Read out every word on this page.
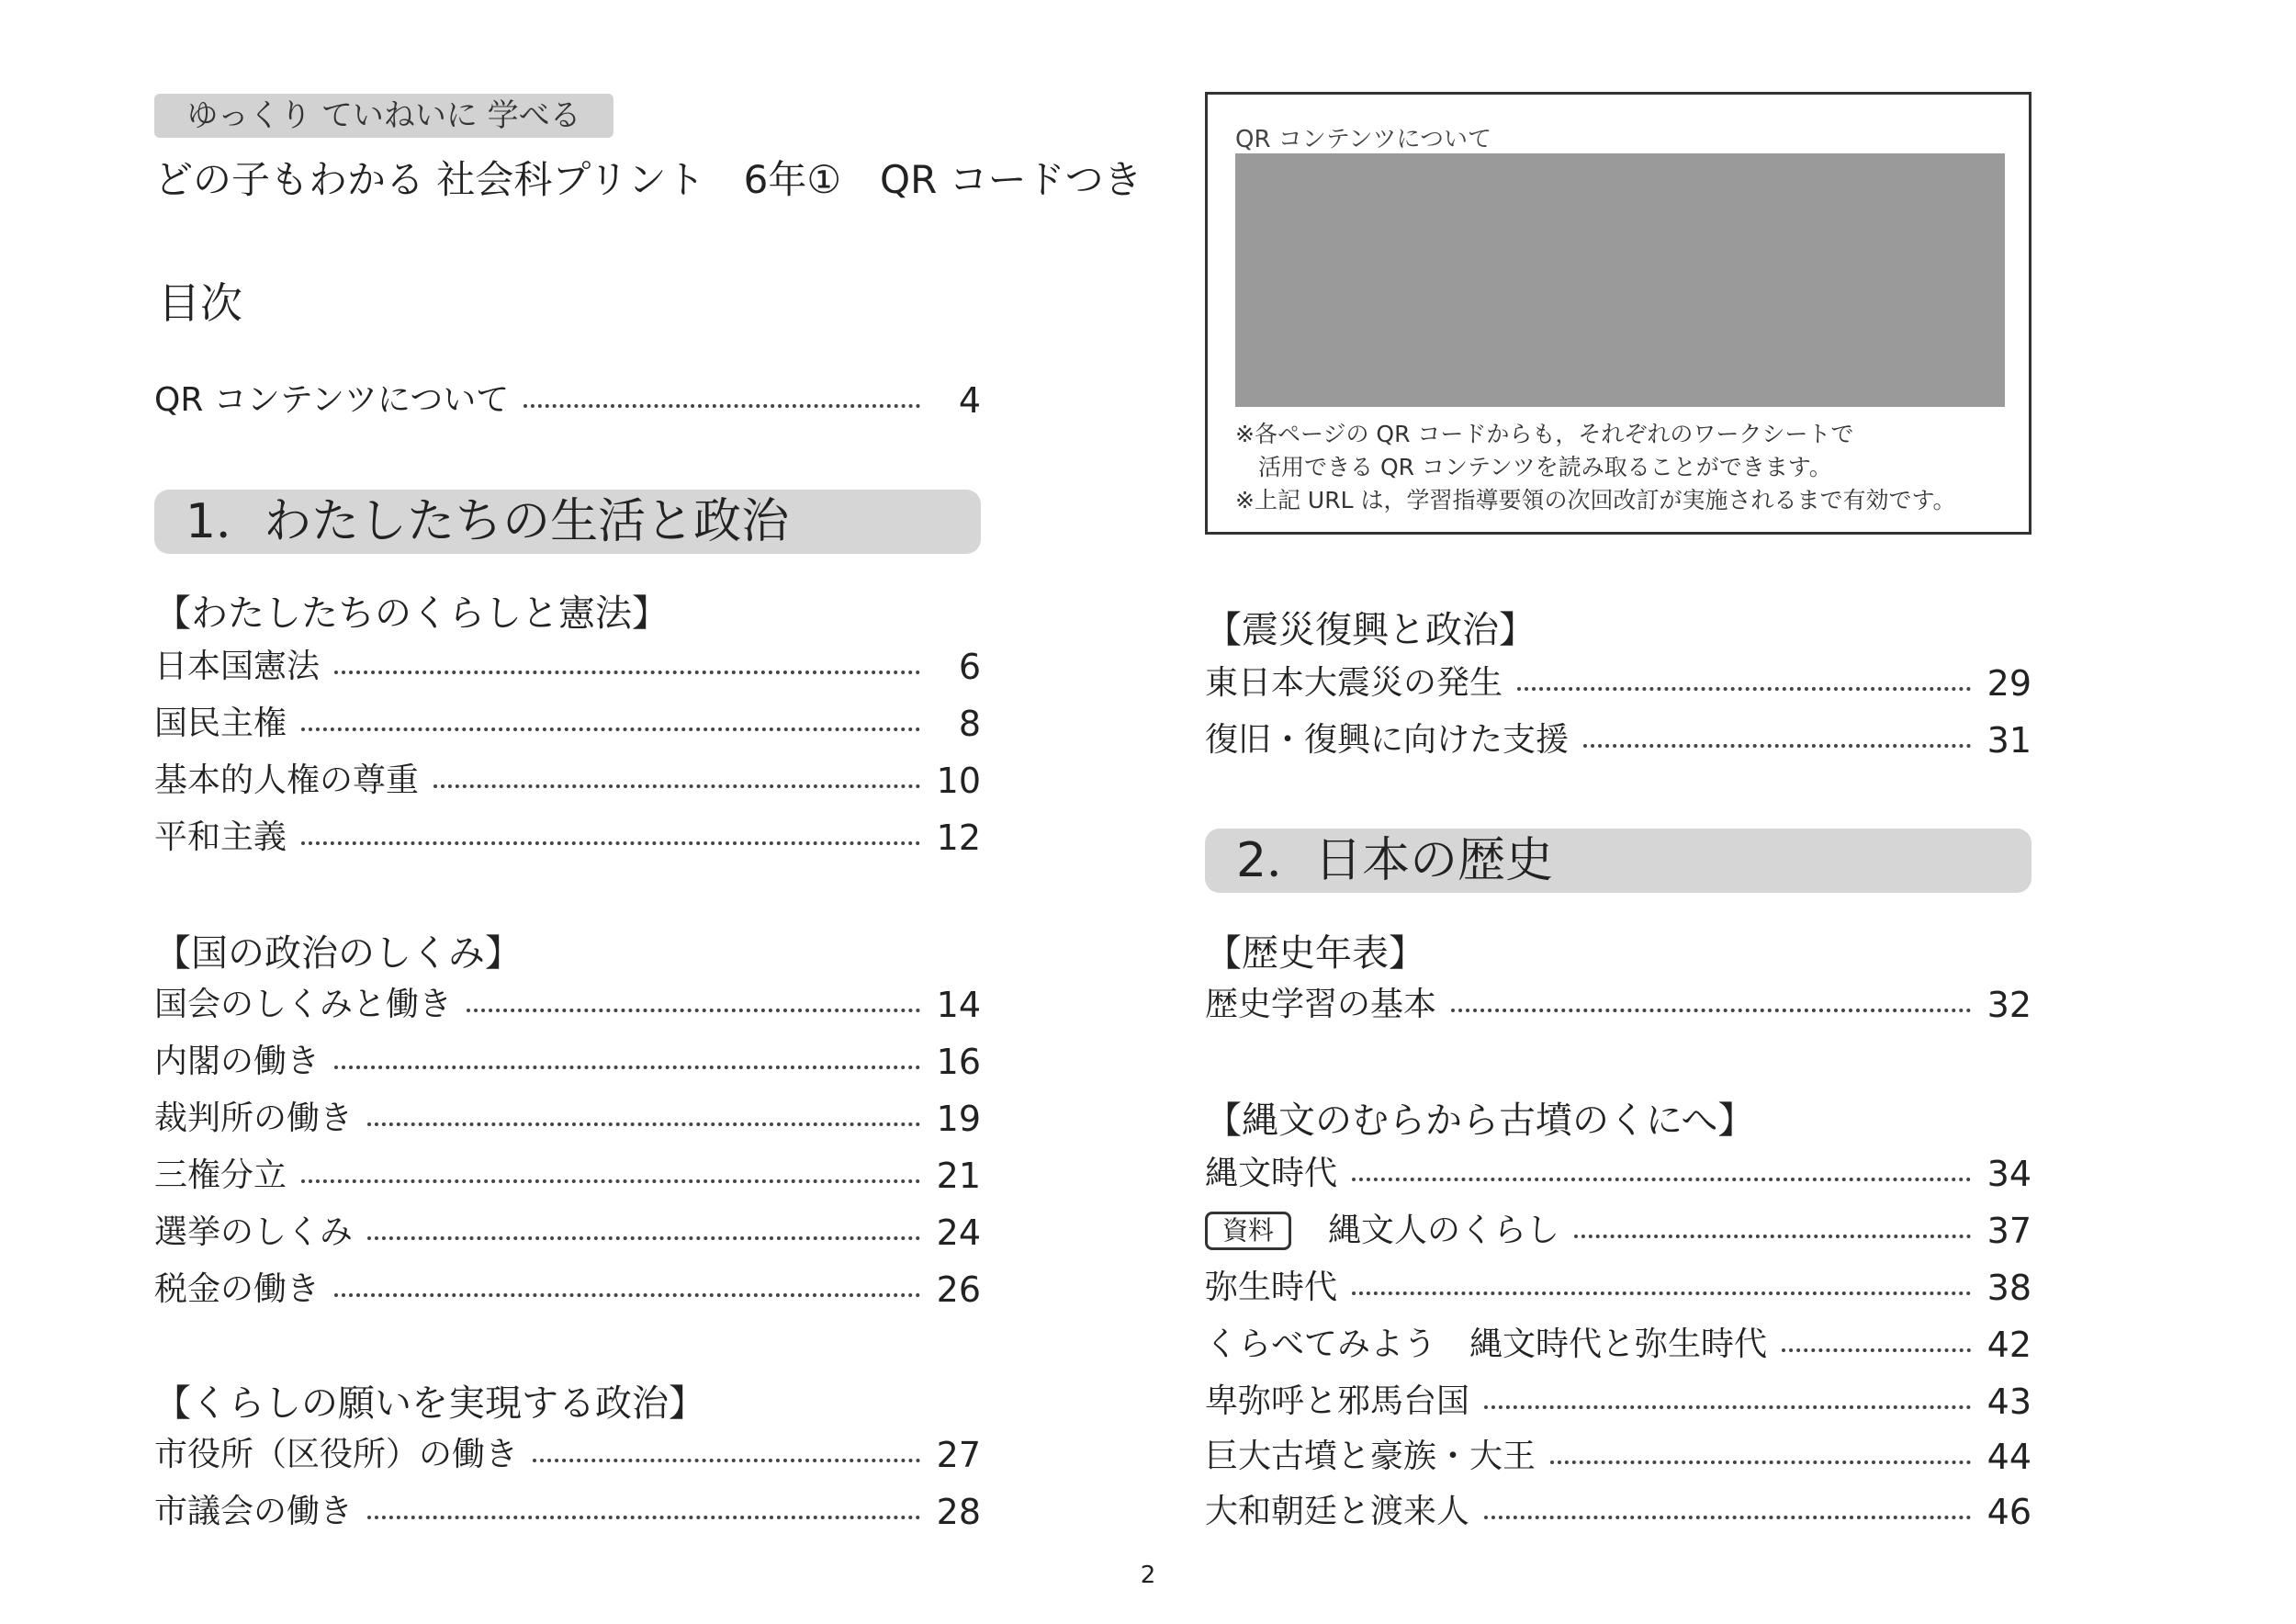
ゆっくり ていねいに 学べる
どの子もわかる 社会科プリント　6年①　QR コードつき
目次
QR コンテンツについて	4
1．わたしたちの生活と政治
【わたしたちのくらしと憲法】
日本国憲法	6
国民主権	8
基本的人権の尊重	10
平和主義	12
【国の政治のしくみ】
国会のしくみと働き	14
内閣の働き	16
裁判所の働き	19
三権分立	21
選挙のしくみ	24
税金の働き	26
【くらしの願いを実現する政治】
市役所（区役所）の働き	27
市議会の働き	28
QR コンテンツについて
※各ページの QR コードからも，それぞれのワークシートで
　活用できる QR コンテンツを読み取ることができます。
※上記 URL は，学習指導要領の次回改訂が実施されるまで有効です。
【震災復興と政治】
東日本大震災の発生	29
復旧・復興に向けた支援	31
2．日本の歴史
【歴史年表】
歴史学習の基本	32
【縄文のむらから古墳のくにへ】
縄文時代	34
資料	縄文人のくらし	37
弥生時代	38
くらべてみよう　縄文時代と弥生時代	42
卑弥呼と邪馬台国	43
巨大古墳と豪族・大王	44
大和朝廷と渡来人	46
2
